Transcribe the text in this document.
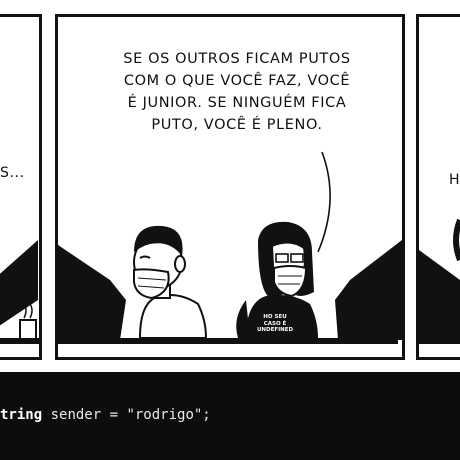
SE OS OUTROS FICAM PUTOS
COM O QUE VOCÊ FAZ, VOCÊ
É JUNIOR. SE NINGUÉM FICA
PUTO, VOCÊ É PLENO.
S...	H
HO SEU
CASO É
UNDEFINED
tring sender = "rodrigo";
